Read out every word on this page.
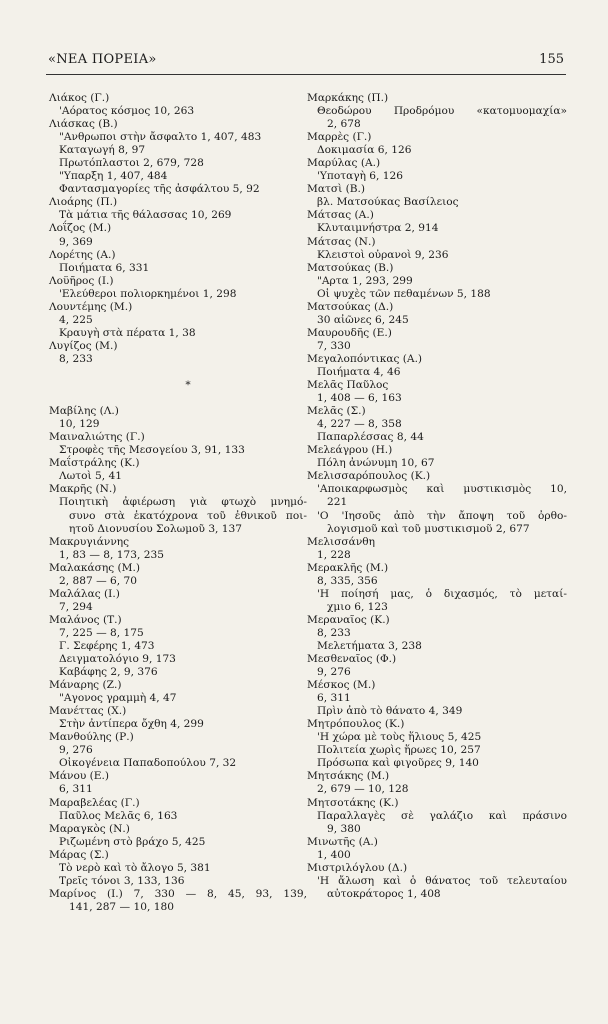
«ΝΕΑ ΠΟΡΕΙΑ»	155
Λιάκος (Γ.)
'Αόρατος κόσμος 10, 263
Λιάσκας (Β.)
"Ανθρωποι στὴν ἄσφαλτο 1, 407, 483
Καταγωγή 8, 97
Πρωτόπλαστοι 2, 679, 728
"Υπαρξη 1, 407, 484
Φαντασμαγορίες τῆς ἀσφάλτου 5, 92
Λιοάρης (Π.)
Τὰ μάτια τῆς θάλασσας 10, 269
Λοΐζος (Μ.)
9, 369
Λορέτης (Α.)
Ποιήματα 6, 331
Λοϋῆρος (Ι.)
'Ελεύθεροι πολιορκημένοι 1, 298
Λουντέμης (Μ.)
4, 225
Κραυγὴ στὰ πέρατα 1, 38
Λυγίζος (Μ.)
8, 233
*
Μαβίλης (Λ.)
10, 129
Μαιναλιώτης (Γ.)
Στροφὲς τῆς Μεσογείου 3, 91, 133
Μαΐστράλης (Κ.)
Λωτοὶ 5, 41
Μακρῆς (Ν.)
Ποιητικὴ ἀφιέρωση γιὰ φτωχὸ μνημό-
συνο στὰ ἑκατόχρονα τοῦ ἐθνικοῦ ποι-
ητοῦ Διονυσίου Σολωμοῦ 3, 137
Μακρυγιάννης
1, 83 — 8, 173, 235
Μαλακάσης (Μ.)
2, 887 — 6, 70
Μαλάλας (Ι.)
7, 294
Μαλάνος (Τ.)
7, 225 — 8, 175
Γ. Σεφέρης 1, 473
Δειγματολόγιο 9, 173
Καβάφης 2, 9, 376
Μάναρης (Ζ.)
"Αγονος γραμμὴ 4, 47
Μανέττας (Χ.)
Στὴν ἀντίπερα ὄχθη 4, 299
Μανθούλης (Ρ.)
9, 276
Οἰκογένεια Παπαδοπούλου 7, 32
Μάνου (Ε.)
6, 311
Μαραβελέας (Γ.)
Παῦλος Μελᾶς 6, 163
Μαραγκὸς (Ν.)
Ριζωμένη στὸ βράχο 5, 425
Μάρας (Σ.)
Τὸ νερὸ καὶ τὸ ἄλογο 5, 381
Τρεῖς τόνοι 3, 133, 136
Μαρίνος (Ι.) 7, 330 — 8, 45, 93, 139,
141, 287 — 10, 180
Μαρκάκης (Π.)
Θεοδώρου Προδρόμου «κατομυομαχία»
2, 678
Μαρρὲς (Γ.)
Δοκιμασία 6, 126
Μαρύλας (Α.)
'Υποταγὴ 6, 126
Ματσὶ (Β.)
βλ. Ματσούκας Βασίλειος
Μάτσας (Α.)
Κλυταιμνήστρα 2, 914
Μάτσας (Ν.)
Κλειστοὶ οὐρανοὶ 9, 236
Ματσούκας (Β.)
"Αρτα 1, 293, 299
Οἱ ψυχὲς τῶν πεθαμένων 5, 188
Ματσούκας (Δ.)
30 αἰῶνες 6, 245
Μαυρουδῆς (Ε.)
7, 330
Μεγαλοπόντικας (Α.)
Ποιήματα 4, 46
Μελᾶς Παῦλος
1, 408 — 6, 163
Μελᾶς (Σ.)
4, 227 — 8, 358
Παπαρλέσσας 8, 44
Μελεάγρου (Η.)
Πόλη ἀνώνυμη 10, 67
Μελισσαρόπουλος (Κ.)
'Αποικαρφωσμὸς καὶ μυστικισμὸς 10,
221
'Ο 'Ιησοῦς ἀπὸ τὴν ἄποψη τοῦ ὀρθο-
λογισμοῦ καὶ τοῦ μυστικισμοῦ 2, 677
Μελισσάνθη
1, 228
Μερακλῆς (Μ.)
8, 335, 356
'Η ποίησή μας, ὁ διχασμός, τὸ μεταί-
χμιο 6, 123
Μεραναῖος (Κ.)
8, 233
Μελετήματα 3, 238
Μεσθεναῖος (Φ.)
9, 276
Μέσκος (Μ.)
6, 311
Πρὶν ἀπὸ τὸ θάνατο 4, 349
Μητρόπουλος (Κ.)
'Η χώρα μὲ τοὺς ἥλιους 5, 425
Πολιτεία χωρὶς ἥρωες 10, 257
Πρόσωπα καὶ φιγοῦρες 9, 140
Μητσάκης (Μ.)
2, 679 — 10, 128
Μητσοτάκης (Κ.)
Παραλλαγὲς σὲ γαλάζιο καὶ πράσινο
9, 380
Μινωτῆς (Α.)
1, 400
Μιστριλόγλου (Δ.)
'Η ἄλωση καὶ ὁ θάνατος τοῦ τελευταίου
αὐτοκράτορος 1, 408
